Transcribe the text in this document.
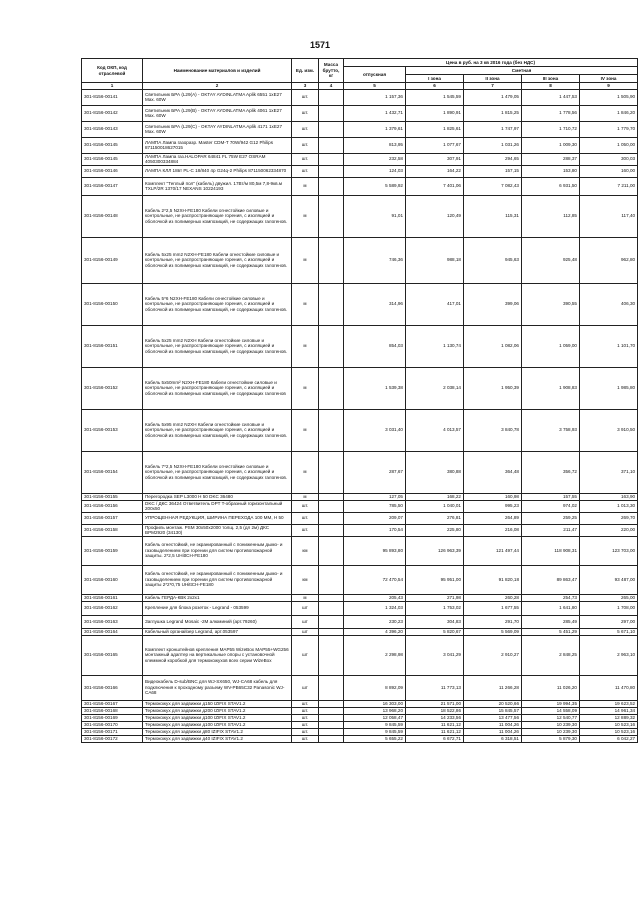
1571
Код ОКП, код отраслевой	Наименование материалов и изделий	Ед. изм.	Масса брутто, кг	Цена в руб. на 3 кв 2016 года (без НДС)				
				отпускная	Сметная			
					I зона	II зона	III зона	IV зона
1	2	3	4	5	6	7	8	9
301-8156-00141	Светильник БРА (L29(A) - OKTAY AYDINLATMA Aplik 6551 1xE27 Max. 60W	шт.		1 157,36	1 545,59	1 479,05	1 447,53	1 505,90
301-8156-00142	Светильник БРА (L29(B) - OKTAY AYDINLATMA Aplik 4061 1xE27 Max. 60W	шт.		1 432,71	1 890,91	1 815,25	1 778,56	1 846,20
301-8156-00143	Светильник БРА (L29(C) - OKTAY AYDINLATMA Aplik 4171 1xE27 Max. 60W	шт.		1 379,61	1 825,61	1 747,97	1 710,72	1 779,70
301-8156-00145	ЛАМПА Лампа газоразр. Master CDM-T 70W/942 G12 Philips 871150018627015	шт.		813,95	1 077,67	1 031,26	1 009,30	1 050,00
301-8156-00145	ЛАМПА Лампа газ.HALOPAR 64841 FL 75W E27 OSRAM 4050300334884	шт.		232,58	307,91	294,65	288,37	300,03
301-8156-00146	ЛАМПА КЛЛ 18вт PL-C 18/840 4p G24q-2 Philips 871150062334870	шт.		124,03	164,22	157,15	153,80	160,00
301-8156-00147	Комплект "Теплый пол" (кабель) двужил. 17Вт/м 80,5м 7,8-9кв.м TXLP/2R 1370/17 NEXANS 10224193	м		5 589,92	7 401,06	7 082,43	6 931,50	7 211,00
301-8156-00148	Кабель 2*2,5 N2XH-FE180 Кабели огнестойкие силовые и контрольные, не распространяющие горения, с изоляцией и оболочкой из полимерных композиций, не содержащих галогенов.	м		91,01	120,49	115,31	112,85	117,40
301-8156-00149	Кабель 5х25 mm2 N2XH-FE180 Кабели огнестойкие силовые и контрольные, не распространяющие горения, с изоляцией и оболочкой из полимерных композиций, не содержащих галогенов.	м		746,36	988,18	945,63	925,48	962,80
301-8156-00150	Кабель 5*6 N2XH-FE180 Кабели огнестойкие силовые и контрольные, не распространяющие горения, с изоляцией и оболочкой из полимерных композиций, не содержащих галогенов.	м		314,96	417,01	399,06	390,55	406,30
301-8156-00151	Кабель 5x25 mm2 N2XH Кабели огнестойкие силовые и контрольные, не распространяющие горения, с изоляцией и оболочкой из полимерных композиций, не содержащих галогенов.	м		854,03	1 130,74	1 082,06	1 059,00	1 101,70
301-8156-00152	Кабель 5x50mm² N2XH-FE180 Кабели огнестойкие силовые и контрольные, не распространяющие горения, с изоляцией и оболочкой из полимерных композиций, не содержащих галогенов	м		1 539,38	2 038,14	1 950,39	1 908,83	1 985,80
301-8156-00153	Кабель 5x95 mm2 N2XH Кабели огнестойкие силовые и контрольные, не распространяющие горения, с изоляцией и оболочкой из полимерных композиций, не содержащих галогенов.	м		3 031,40	4 013,57	3 840,78	3 758,93	3 910,50
301-8156-00154	Кабель 7*2,5 N2XH-FE180 Кабели огнестойкие силовые и контрольные, не распространяющие горения, с изоляцией и оболочкой из полимерных композиций, не содержащих галогенов.	м		287,67	380,88	364,48	356,72	371,10
301-8156-00155	Перегородка SEP L3000 H 50 DKC 36480	м		127,05	168,22	160,98	157,55	163,90
301-8156-00156	DKC / ДКС 36424 Ответвитель DPT T-образный горизонтальный 200х50	шт.		785,50	1 040,01	995,23	974,02	1 013,30
301-8156-00157	УПРОЩЕННАЯ РЕДУКЦИЯ, ШИРИНА ПЕРЕХОДА 100 ММ, H 50	шт.		209,07	276,81	264,89	259,25	269,70
301-8156-00158	Профиль монтаж. PSM 30х50х2000 толщ. 2,5 (дл 2м) ДКС BPM2920 (34130)	шт.		170,54	225,80	216,08	211,47	220,00
301-8156-00159	Кабель огнестойкий, не экранированный с пониженным дымо- и газовыделением при горении для систем противопожарной защиты. 2*2,5 UHittCH-FE180	км		95 893,80	126 963,39	121 497,44	118 908,31	123 703,00
301-8156-00160	Кабель огнестойкий, не экранированный с пониженным дымо- и газовыделением при горении для систем противопожарной защиты 2*2*0,75 UHittCH-FE180	км		72 470,54	95 951,00	91 820,18	89 863,47	93 487,00
301-8156-00161	Кабель ГЕРДА-КВК 2х2х1	м		205,43	271,98	260,28	254,73	265,00
301-8156-00162	Крепление для блока розеток - Legrand - 053599	шт		1 324,03	1 753,02	1 677,55	1 641,80	1 708,00
301-8156-00163	Заглушка Legrand Mosaic -2M алюминий (арт.79260)	шт		230,23	304,83	291,70	285,49	297,00
301-8156-00164	Кабельный органайзер Legrand, арт.053597	шт		4 396,20	5 820,67	5 569,09	5 451,29	5 671,10
301-8156-00165	Комплект кронштейнов крепления MAP55 WizeBox MAP55+WG256 монтажный адаптер на вертикальные опоры с установочной клеммной коробкой для термокожухов всех серии WizeBox	шт		2 298,98	3 041,29	2 910,27	2 848,25	2 963,10
301-8156-00166	Видеокабель D-sub/BNC для WJ-SX650, WJ-CA68 кабель для подключения к проходному разъему WV-PB65C32 Panasonic WJ-CA68	шт		8 892,09	11 773,13	11 266,28	11 026,20	11 470,80
301-8156-00167	Термокожух для задвижки д150 IZIFIX STAV1.2	шт.		16 303,00	21 571,00	20 520,66	19 994,35	19 623,52
301-8156-00168	Термокожух для задвижки д200 IZIFIX STAV1.2	шт.		13 968,20	18 522,86	15 845,57	14 558,09	14 961,34
301-8156-00169	Термокожух для задвижки д100 IZIFIX STAV1.2	шт.		12 058,47	14 233,56	13 477,56	12 540,77	12 889,32
301-8156-00170	Термокожух для задвижки д100 IZIFIX STAV1.2	шт.		9 845,59	11 621,12	11 004,26	10 239,30	10 523,16
301-8156-00171	Термокожух для задвижки д80 IZIFIX STAV1.2	шт.		9 845,59	11 621,12	11 004,26	10 239,30	10 523,16
301-8156-00172	Термокожух для задвижки д40 IZIFIX STAV1.2	шт.		5 655,22	6 672,71	6 318,51	5 879,30	6 042,27
